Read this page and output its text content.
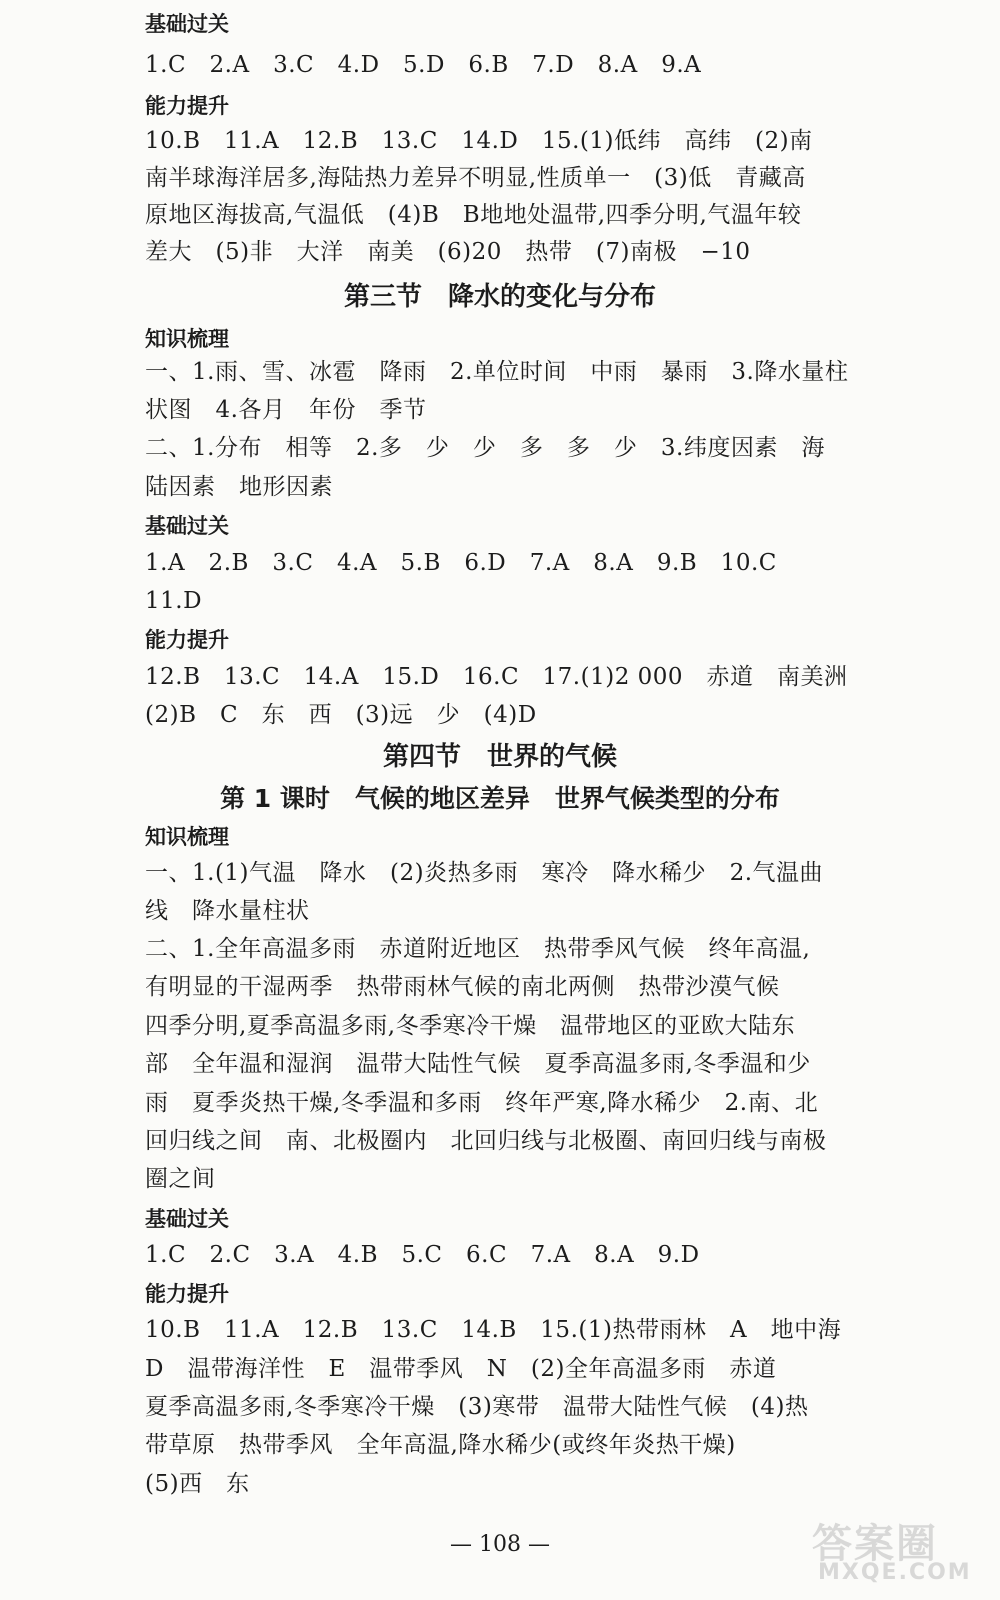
基础过关
1.C　2.A　3.C　4.D　5.D　6.B　7.D　8.A　9.A
能力提升
10.B　11.A　12.B　13.C　14.D　15.(1)低纬　高纬　(2)南
南半球海洋居多,海陆热力差异不明显,性质单一　(3)低　青藏高
原地区海拔高,气温低　(4)B　B地地处温带,四季分明,气温年较
差大　(5)非　大洋　南美　(6)20　热带　(7)南极　−10
第三节　降水的变化与分布
知识梳理
一、1.雨、雪、冰雹　降雨　2.单位时间　中雨　暴雨　3.降水量柱
状图　4.各月　年份　季节
二、1.分布　相等　2.多　少　少　多　多　少　3.纬度因素　海
陆因素　地形因素
基础过关
1.A　2.B　3.C　4.A　5.B　6.D　7.A　8.A　9.B　10.C
11.D
能力提升
12.B　13.C　14.A　15.D　16.C　17.(1)2 000　赤道　南美洲
(2)B　C　东　西　(3)远　少　(4)D
第四节　世界的气候
第 1 课时　气候的地区差异　世界气候类型的分布
知识梳理
一、1.(1)气温　降水　(2)炎热多雨　寒冷　降水稀少　2.气温曲
线　降水量柱状
二、1.全年高温多雨　赤道附近地区　热带季风气候　终年高温,
有明显的干湿两季　热带雨林气候的南北两侧　热带沙漠气候
四季分明,夏季高温多雨,冬季寒冷干燥　温带地区的亚欧大陆东
部　全年温和湿润　温带大陆性气候　夏季高温多雨,冬季温和少
雨　夏季炎热干燥,冬季温和多雨　终年严寒,降水稀少　2.南、北
回归线之间　南、北极圈内　北回归线与北极圈、南回归线与南极
圈之间
基础过关
1.C　2.C　3.A　4.B　5.C　6.C　7.A　8.A　9.D
能力提升
10.B　11.A　12.B　13.C　14.B　15.(1)热带雨林　A　地中海
D　温带海洋性　E　温带季风　N　(2)全年高温多雨　赤道
夏季高温多雨,冬季寒冷干燥　(3)寒带　温带大陆性气候　(4)热
带草原　热带季风　全年高温,降水稀少(或终年炎热干燥)
(5)西　东
— 108 —	答案圈
MXQE.COM
